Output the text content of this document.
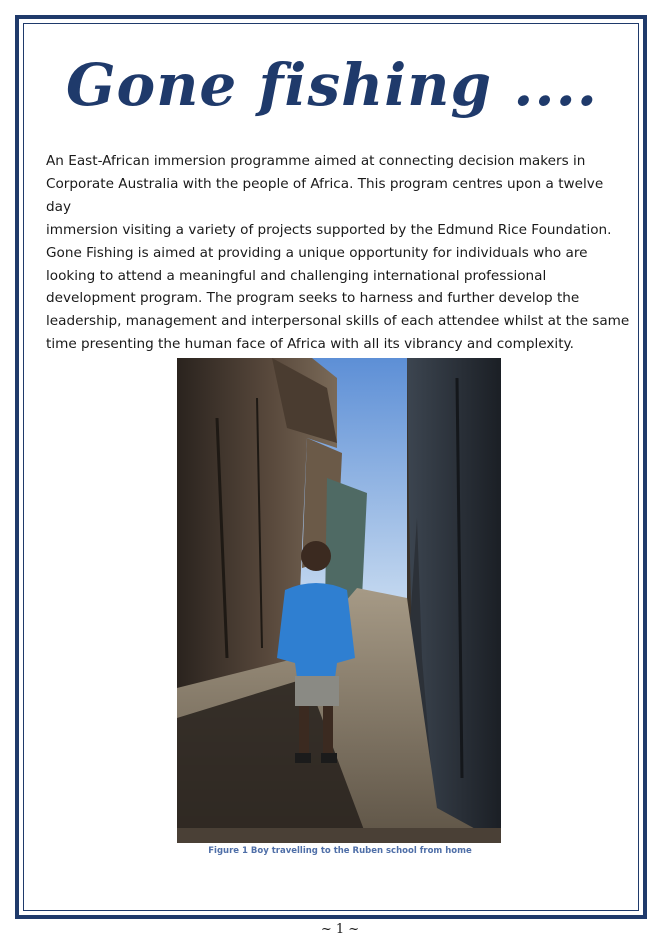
Gone fishing ....

An East-African immersion programme aimed at connecting decision makers in
Corporate Australia with the people of Africa. This program centres upon a twelve day
immersion visiting a variety of projects supported by the Edmund Rice Foundation.
Gone Fishing is aimed at providing a unique opportunity for individuals who are
looking to attend a meaningful and challenging international professional
development program. The program seeks to harness and further develop the
leadership, management and interpersonal skills of each attendee whilst at the same
time presenting the human face of Africa with all its vibrancy and complexity.

Figure 1 Boy travelling to the Ruben school from home
~ 1 ~
